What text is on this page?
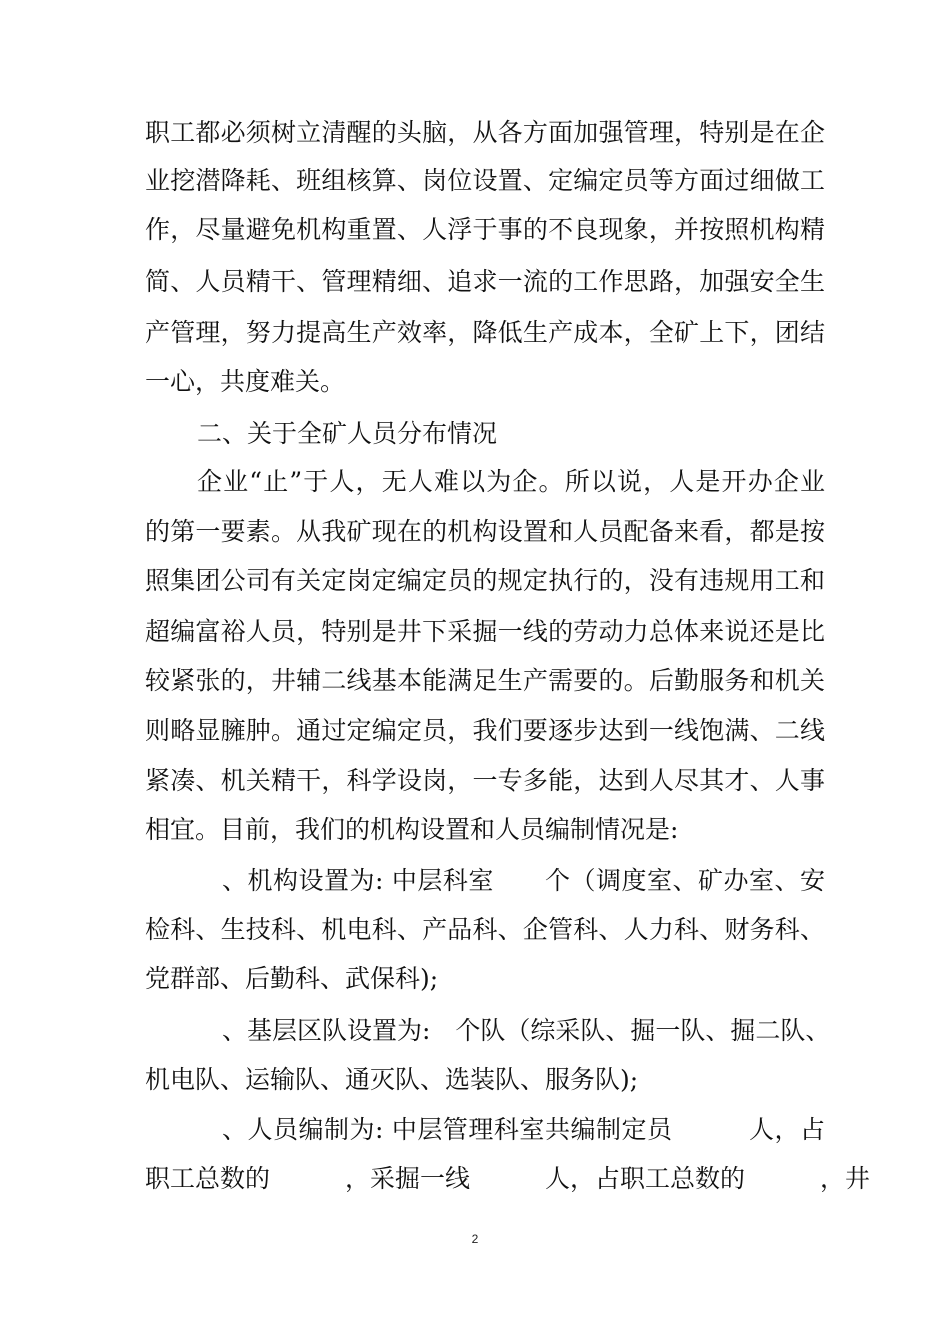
职工都必须树立清醒的头脑，从各方面加强管理，特别是在企
业挖潜降耗、班组核算、岗位设置、定编定员等方面过细做工
作，尽量避免机构重置、人浮于事的不良现象，并按照机构精
简、人员精干、管理精细、追求一流的工作思路，加强安全生
产管理，努力提高生产效率，降低生产成本，全矿上下，团结
一心，共度难关。
二、关于全矿人员分布情况
企业“止”于人，无人难以为企。所以说，人是开办企业
的第一要素。从我矿现在的机构设置和人员配备来看，都是按
照集团公司有关定岗定编定员的规定执行的，没有违规用工和
超编富裕人员，特别是井下采掘一线的劳动力总体来说还是比
较紧张的，井辅二线基本能满足生产需要的。后勤服务和机关
则略显臃肿。通过定编定员，我们要逐步达到一线饱满、二线
紧凑、机关精干，科学设岗，一专多能，达到人尽其才、人事
相宜。目前，我们的机构设置和人员编制情况是:
、机构设置为: 中层科室　　个（调度室、矿办室、安
检科、生技科、机电科、产品科、企管科、人力科、财务科、
党群部、后勤科、武保科);
、基层区队设置为:　个队（综采队、掘一队、掘二队、
机电队、运输队、通灭队、选装队、服务队);
、人员编制为: 中层管理科室共编制定员　　　人，占
职工总数的　　　，采掘一线　　　人，占职工总数的　　　，井
2
